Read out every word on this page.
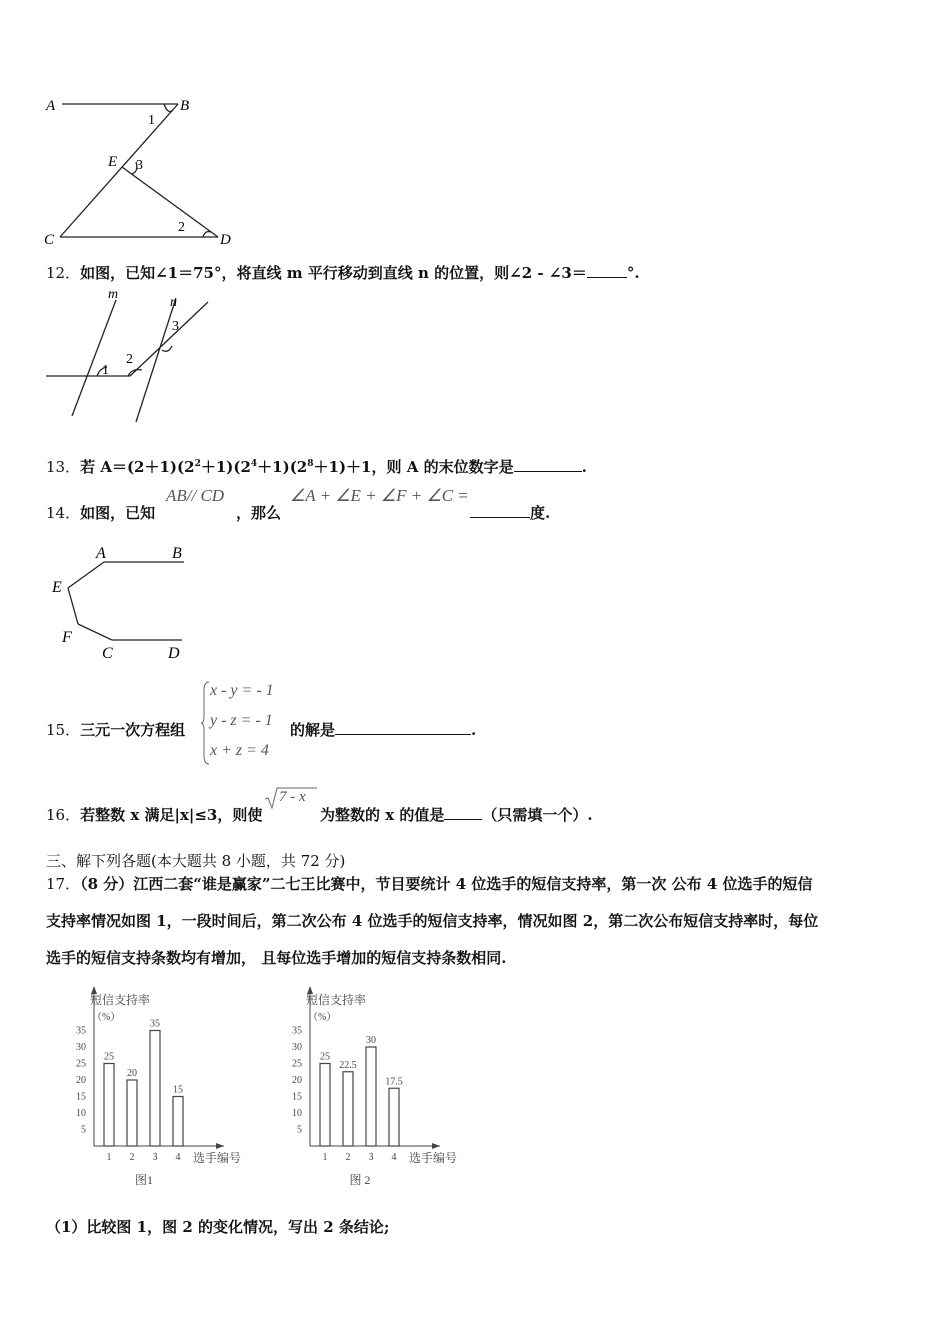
A	B
E
C	D
1
3
2
12．如图，已知∠1＝75°，将直线 m 平行移动到直线 n 的位置，则∠2 - ∠3＝	°.
m
n
1
2
3
13．若 $A=(2+1)(2^2+1)(2^4+1)(2^8+1)+1$，则 A 的末位数字是	.
14．如图，已知
AB// CD
，那么
∠A + ∠E + ∠F + ∠C =
度.
A	B
E
F
C	D
15．三元一次方程组
x - y = - 1
y - z = - 1
x + z = 4
的解是	.
16．若整数 x 满足|x|≤3，则使
7 - x
为整数的 x 的值是	（只需填一个）.
三、解下列各题(本大题共 8 小题，共 72 分)
17．（8 分）江西二套“谁是赢家”二七王比赛中，节目要统计 4 位选手的短信支持率，第一次 公布 4 位选手的短信
支持率情况如图 1，一段时间后，第二次公布 4 位选手的短信支持率，情况如图 2，第二次公布短信支持率时，每位
选手的短信支持条数均有增加， 且每位选手增加的短信支持条数相同.
短信支持率
（%）
5
10
15
20
25
30
35
25
1
20
2
35
3
15
4 选手编号
图1
短信支持率
（%）
5
10
15
20
25
30
35
25
1
22.5
2
30
3
17.5
4 选手编号
图 2
（1）比较图 1，图 2 的变化情况，写出 2 条结论;
